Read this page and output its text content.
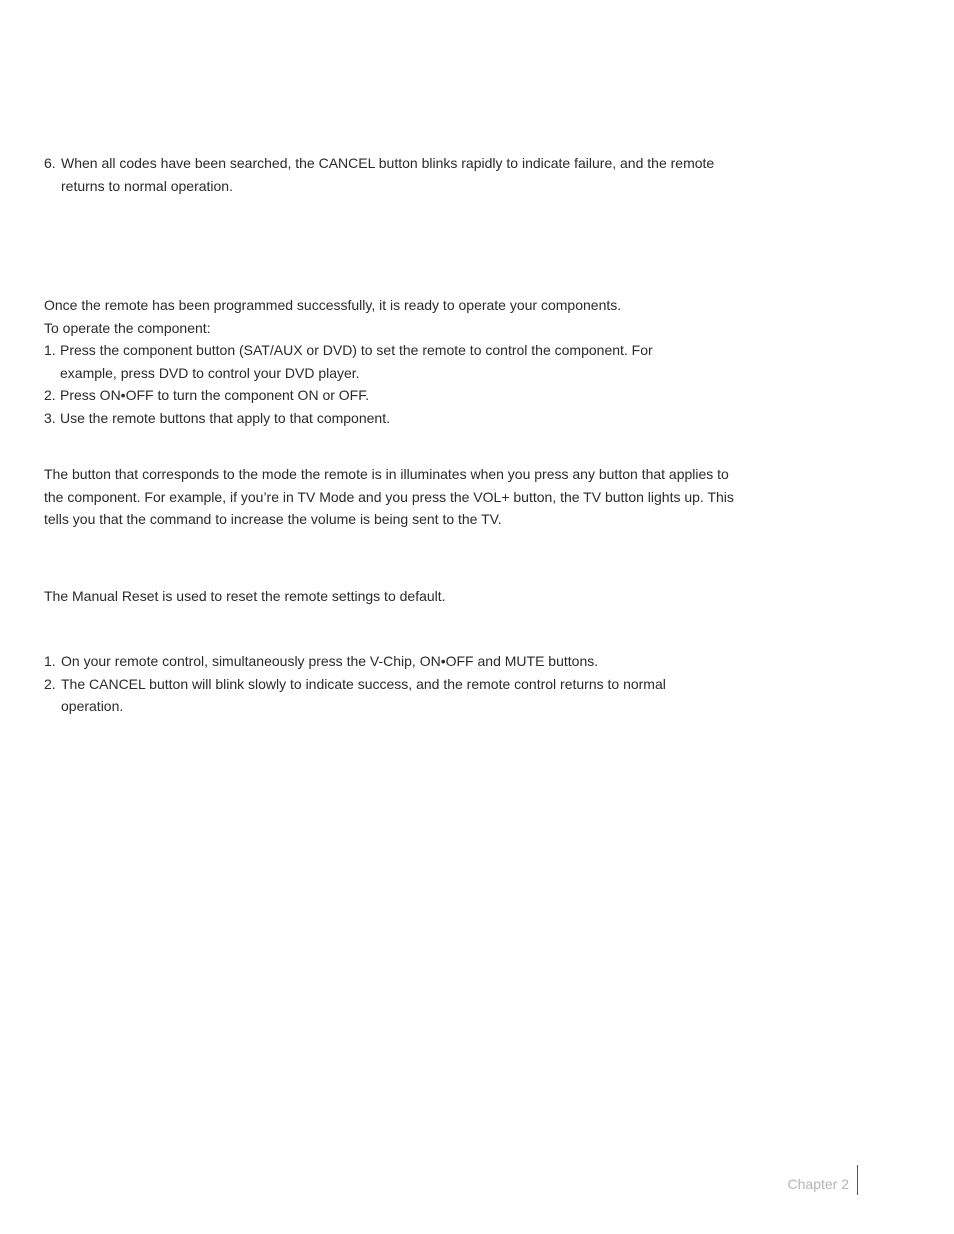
6. When all codes have been searched, the CANCEL button blinks rapidly to indicate failure, and the remote returns to normal operation.

Once the remote has been programmed successfully, it is ready to operate your components.

To operate the component:

1. Press the component button (SAT/AUX or DVD) to set the remote to control the component. For example, press DVD to control your DVD player.
2. Press ON•OFF to turn the component ON or OFF.
3. Use the remote buttons that apply to that component.

The button that corresponds to the mode the remote is in illuminates when you press any button that applies to the component. For example, if you’re in TV Mode and you press the VOL+ button, the TV button lights up. This tells you that the command to increase the volume is being sent to the TV.

The Manual Reset is used to reset the remote settings to default.

1. On your remote control, simultaneously press the V-Chip, ON•OFF and MUTE buttons.
2. The CANCEL button will blink slowly to indicate success, and the remote control returns to normal operation.
Chapter 2
